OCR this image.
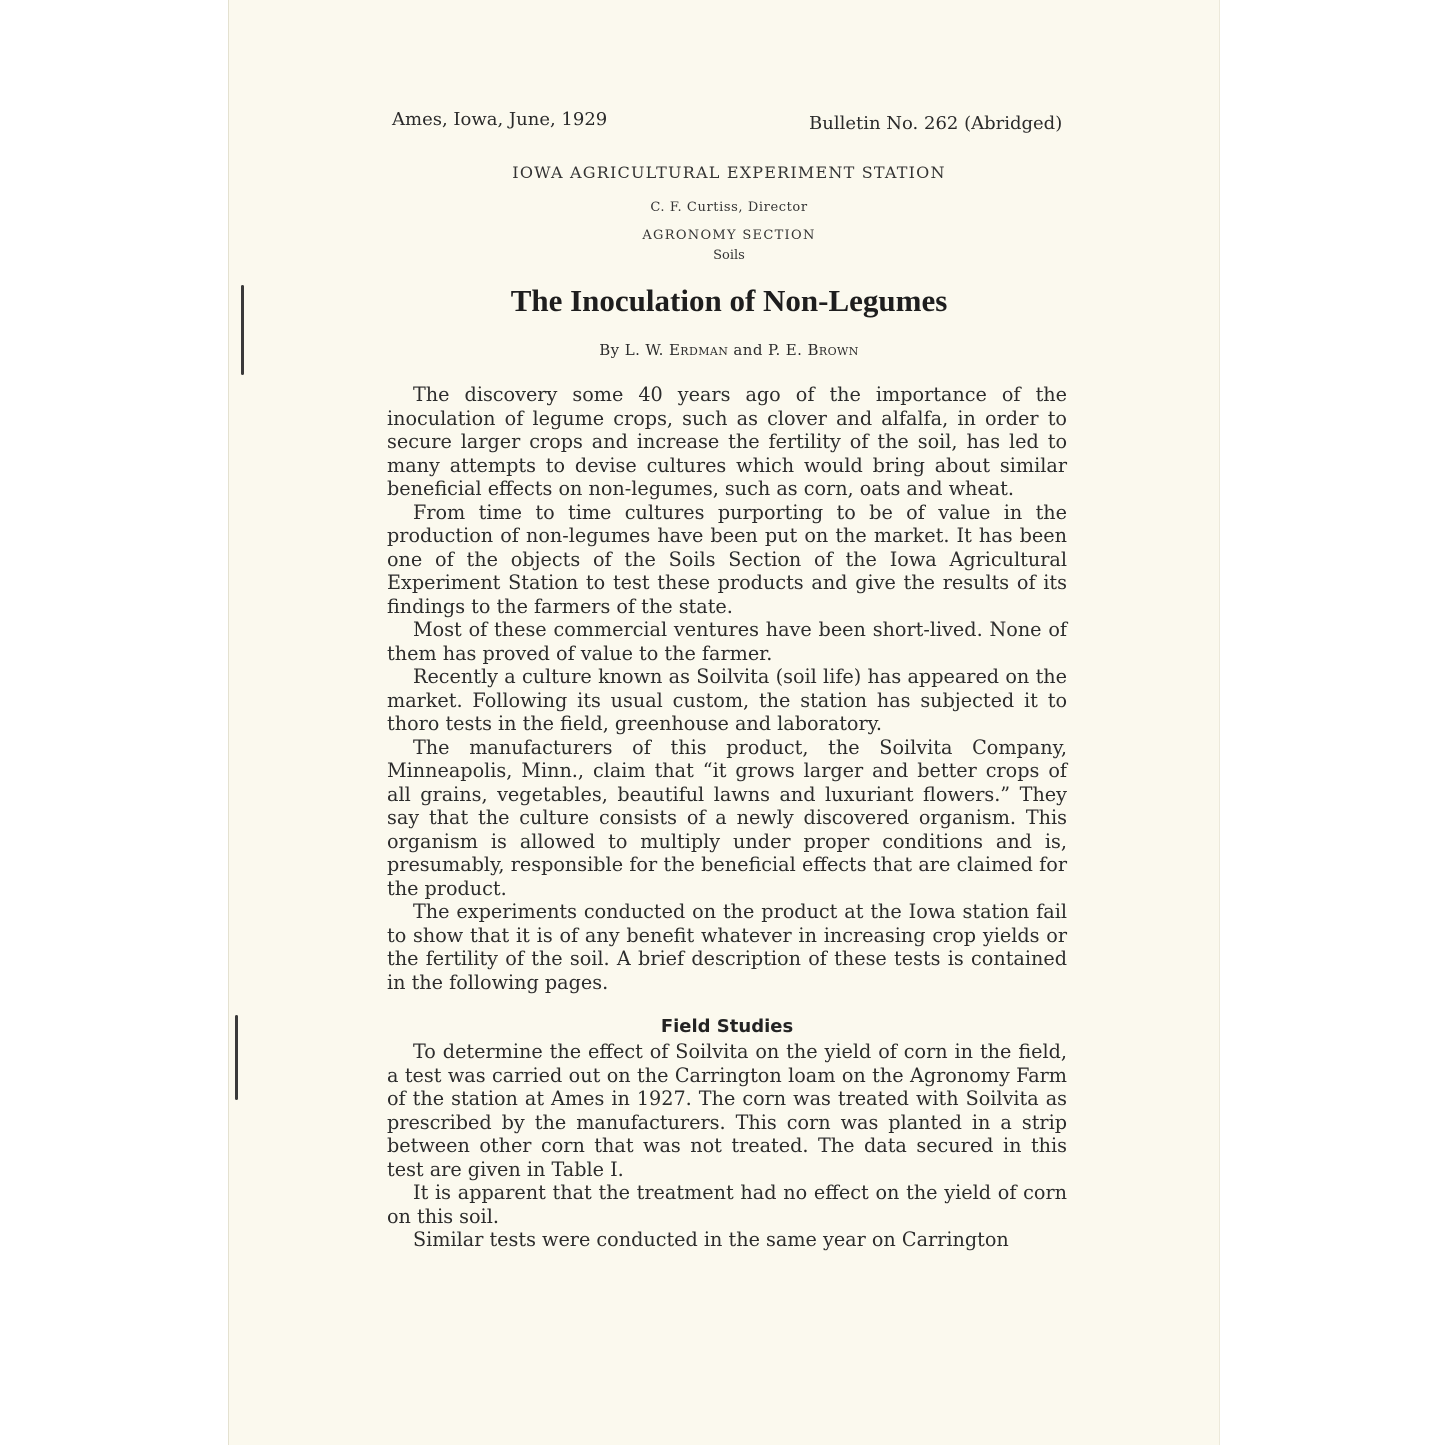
Ames, Iowa, June, 1929	Bulletin No. 262 (Abridged)
IOWA AGRICULTURAL EXPERIMENT STATION
C. F. Curtiss, Director
AGRONOMY SECTION
Soils
The Inoculation of Non-Legumes
By L. W. Erdman and P. E. Brown

The discovery some 40 years ago of the importance of the inoculation of legume crops, such as clover and alfalfa, in order to secure larger crops and increase the fertility of the soil, has led to many attempts to devise cultures which would bring about similar beneficial effects on non-legumes, such as corn, oats and wheat.

From time to time cultures purporting to be of value in the production of non-legumes have been put on the market. It has been one of the objects of the Soils Section of the Iowa Agricultural Experiment Station to test these products and give the results of its findings to the farmers of the state.

Most of these commercial ventures have been short-lived. None of them has proved of value to the farmer.

Recently a culture known as Soilvita (soil life) has appeared on the market. Following its usual custom, the station has subjected it to thoro tests in the field, greenhouse and laboratory.

The manufacturers of this product, the Soilvita Company, Minneapolis, Minn., claim that “it grows larger and better crops of all grains, vegetables, beautiful lawns and luxuriant flowers.” They say that the culture consists of a newly discovered organism. This organism is allowed to multiply under proper conditions and is, presumably, responsible for the beneficial effects that are claimed for the product.

The experiments conducted on the product at the Iowa station fail to show that it is of any benefit whatever in increasing crop yields or the fertility of the soil. A brief description of these tests is contained in the following pages.

Field Studies

To determine the effect of Soilvita on the yield of corn in the field, a test was carried out on the Carrington loam on the Agronomy Farm of the station at Ames in 1927. The corn was treated with Soilvita as prescribed by the manufacturers. This corn was planted in a strip between other corn that was not treated. The data secured in this test are given in Table I.

It is apparent that the treatment had no effect on the yield of corn on this soil.

Similar tests were conducted in the same year on Carrington
